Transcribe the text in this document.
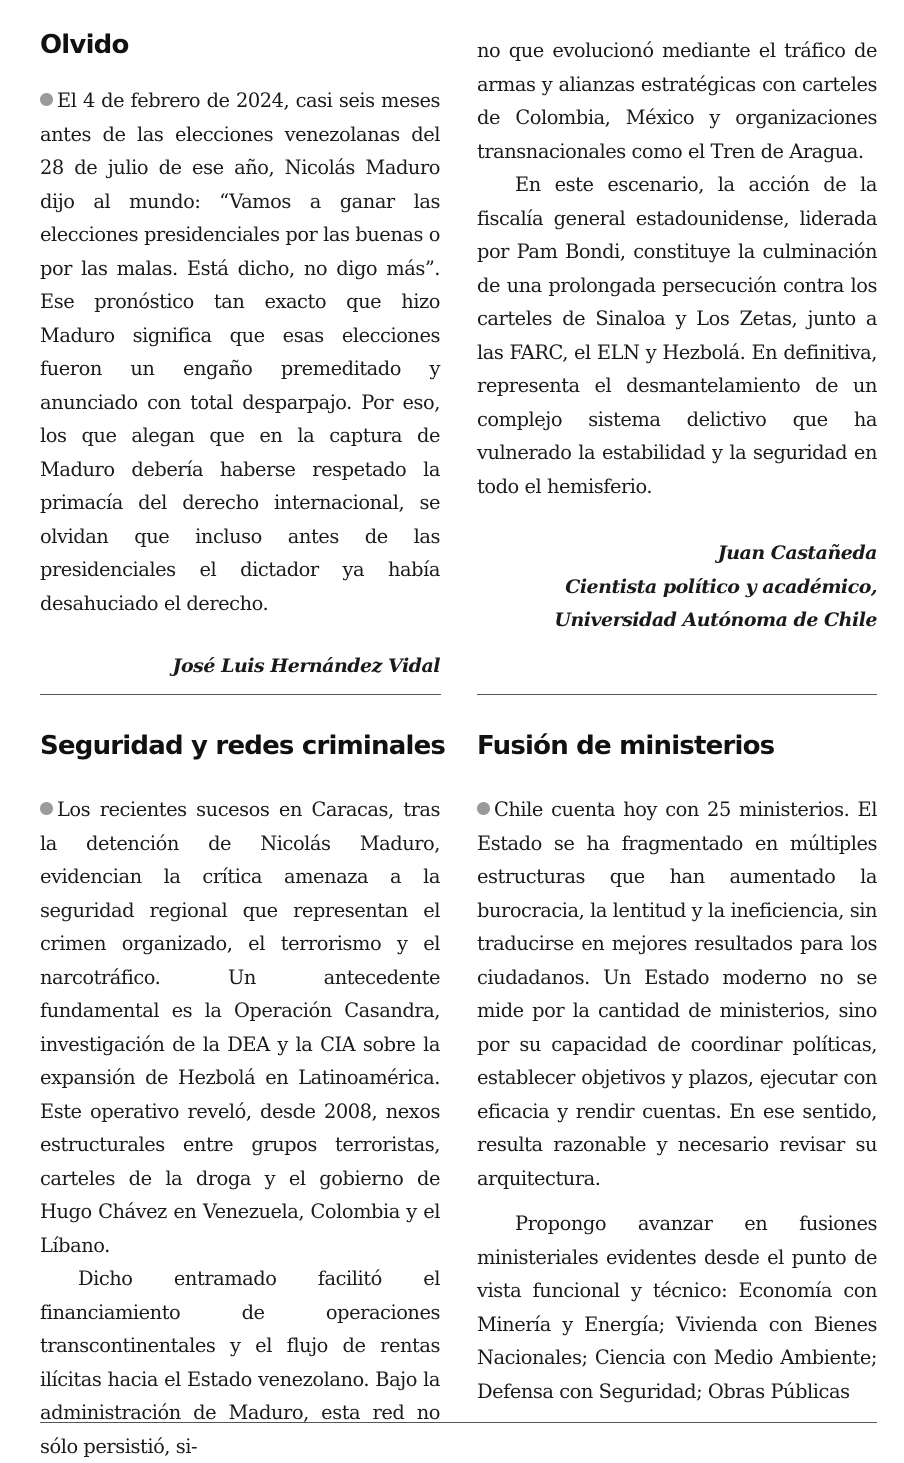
Olvido

El 4 de febrero de 2024, casi seis meses antes de las elecciones venezolanas del 28 de julio de ese año, Nicolás Maduro dijo al mundo: “Vamos a ganar las elecciones presidenciales por las buenas o por las malas. Está dicho, no digo más”. Ese pronóstico tan exacto que hizo Maduro significa que esas elecciones fueron un engaño premeditado y anunciado con total desparpajo. Por eso, los que alegan que en la captura de Maduro debería haberse respetado la primacía del derecho internacional, se olvidan que incluso antes de las presidenciales el dictador ya había desahuciado el derecho.

José Luis Hernández Vidal

Seguridad y redes criminales

Los recientes sucesos en Caracas, tras la detención de Nicolás Maduro, evidencian la crítica amenaza a la seguridad regional que representan el crimen organizado, el terrorismo y el narcotráfico. Un antecedente fundamental es la Operación Casandra, investigación de la DEA y la CIA sobre la expansión de Hezbolá en Latinoamérica. Este operativo reveló, desde 2008, nexos estructurales entre grupos terroristas, carteles de la droga y el gobierno de Hugo Chávez en Venezuela, Colombia y el Líbano.

Dicho entramado facilitó el financiamiento de operaciones transcontinentales y el flujo de rentas ilícitas hacia el Estado venezolano. Bajo la administración de Maduro, esta red no sólo persistió, si-

no que evolucionó mediante el tráfico de armas y alianzas estratégicas con carteles de Colombia, México y organizaciones transnacionales como el Tren de Aragua.

En este escenario, la acción de la fiscalía general estadounidense, liderada por Pam Bondi, constituye la culminación de una prolongada persecución contra los carteles de Sinaloa y Los Zetas, junto a las FARC, el ELN y Hezbolá. En definitiva, representa el desmantelamiento de un complejo sistema delictivo que ha vulnerado la estabilidad y la seguridad en todo el hemisferio.

Juan Castañeda

Cientista político y académico,

Universidad Autónoma de Chile

Fusión de ministerios

Chile cuenta hoy con 25 ministerios. El Estado se ha fragmentado en múltiples estructuras que han aumentado la burocracia, la lentitud y la ineficiencia, sin traducirse en mejores resultados para los ciudadanos. Un Estado moderno no se mide por la cantidad de ministerios, sino por su capacidad de coordinar políticas, establecer objetivos y plazos, ejecutar con eficacia y rendir cuentas. En ese sentido, resulta razonable y necesario revisar su arquitectura.

Propongo avanzar en fusiones ministeriales evidentes desde el punto de vista funcional y técnico: Economía con Minería y Energía; Vivienda con Bienes Nacionales; Ciencia con Medio Ambiente; Defensa con Seguridad; Obras Públicas
